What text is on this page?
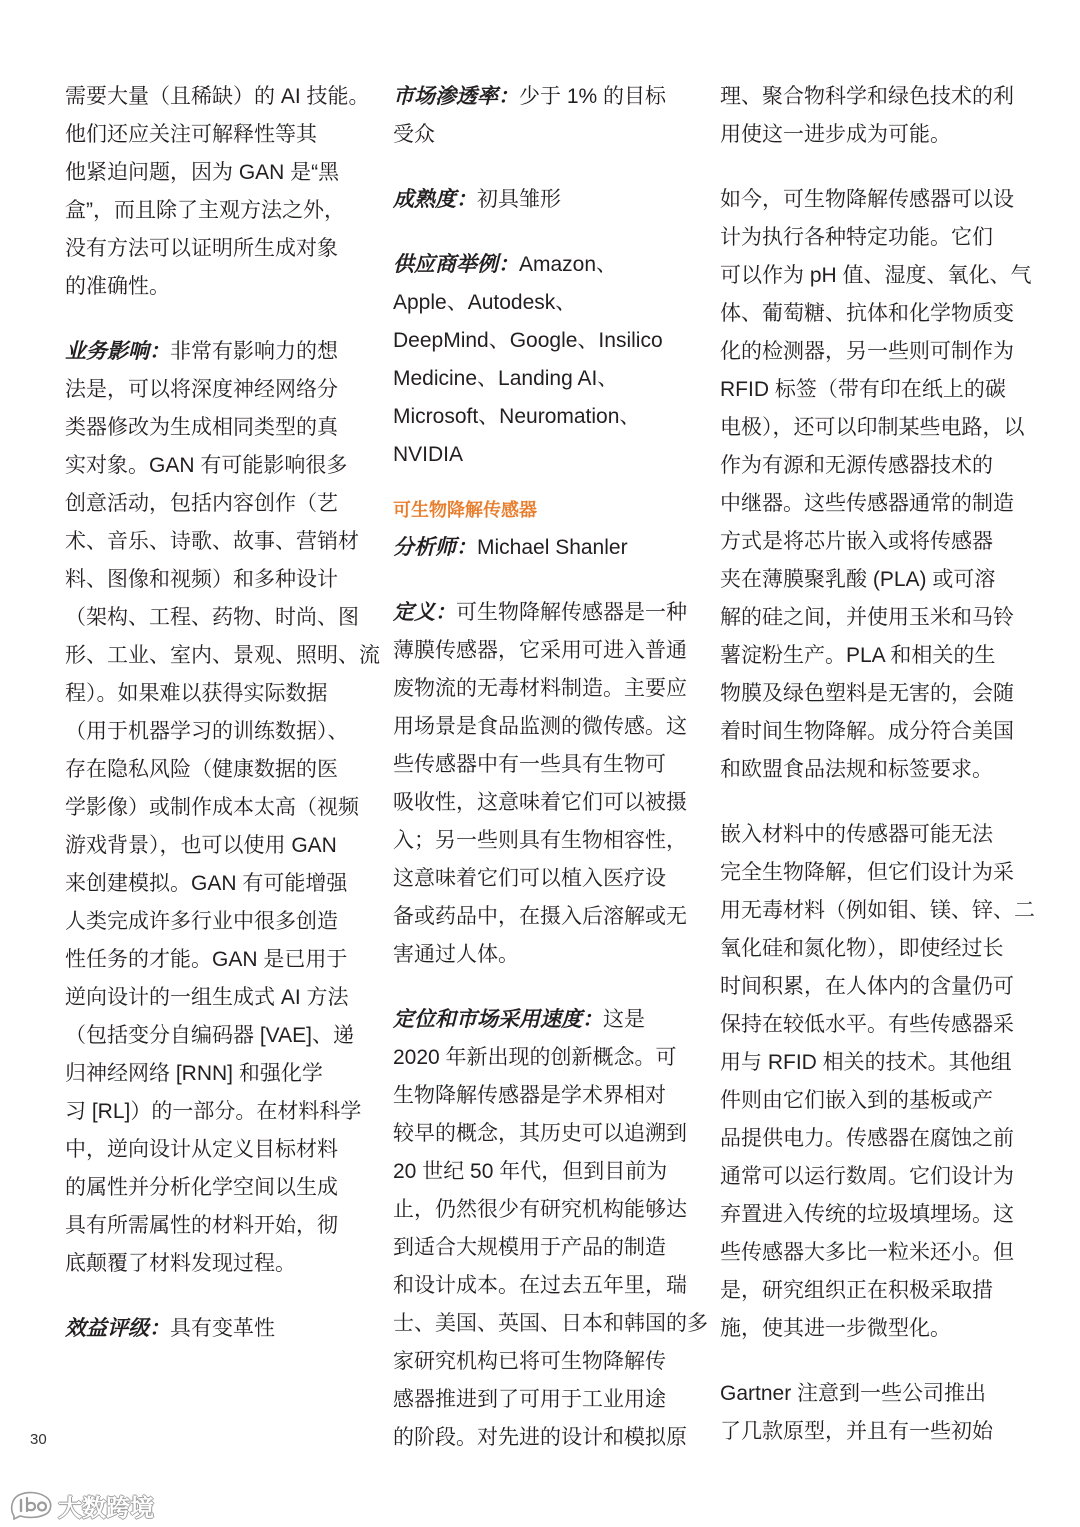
需要大量（且稀缺）的 AI 技能。
他们还应关注可解释性等其
他紧迫问题，因为 GAN 是“黑
盒”，而且除了主观方法之外，
没有方法可以证明所生成对象
的准确性。
业务影响：非常有影响力的想
法是，可以将深度神经网络分
类器修改为生成相同类型的真
实对象。GAN 有可能影响很多
创意活动，包括内容创作（艺
术、音乐、诗歌、故事、营销材
料、图像和视频）和多种设计
（架构、工程、药物、时尚、图
形、工业、室内、景观、照明、流
程）。如果难以获得实际数据
（用于机器学习的训练数据）、
存在隐私风险（健康数据的医
学影像）或制作成本太高（视频
游戏背景），也可以使用 GAN
来创建模拟。GAN 有可能增强
人类完成许多行业中很多创造
性任务的才能。GAN 是已用于
逆向设计的一组生成式 AI 方法
（包括变分自编码器 [VAE]、递
归神经网络 [RNN] 和强化学
习 [RL]）的一部分。在材料科学
中，逆向设计从定义目标材料
的属性并分析化学空间以生成
具有所需属性的材料开始，彻
底颠覆了材料发现过程。
效益评级：具有变革性
市场渗透率：少于 1% 的目标
受众
成熟度：初具雏形
供应商举例：Amazon、
Apple、Autodesk、
DeepMind、Google、Insilico
Medicine、Landing AI、
Microsoft、Neuromation、
NVIDIA
可生物降解传感器
分析师：Michael Shanler
定义：可生物降解传感器是一种
薄膜传感器，它采用可进入普通
废物流的无毒材料制造。主要应
用场景是食品监测的微传感。这
些传感器中有一些具有生物可
吸收性，这意味着它们可以被摄
入；另一些则具有生物相容性，
这意味着它们可以植入医疗设
备或药品中，在摄入后溶解或无
害通过人体。
定位和市场采用速度：这是
2020 年新出现的创新概念。可
生物降解传感器是学术界相对
较早的概念，其历史可以追溯到
20 世纪 50 年代，但到目前为
止，仍然很少有研究机构能够达
到适合大规模用于产品的制造
和设计成本。在过去五年里，瑞
士、美国、英国、日本和韩国的多
家研究机构已将可生物降解传
感器推进到了可用于工业用途
的阶段。对先进的设计和模拟原
理、聚合物科学和绿色技术的利
用使这一进步成为可能。
如今，可生物降解传感器可以设
计为执行各种特定功能。它们
可以作为 pH 值、湿度、氧化、气
体、葡萄糖、抗体和化学物质变
化的检测器，另一些则可制作为
RFID 标签（带有印在纸上的碳
电极），还可以印制某些电路，以
作为有源和无源传感器技术的
中继器。这些传感器通常的制造
方式是将芯片嵌入或将传感器
夹在薄膜聚乳酸 (PLA) 或可溶
解的硅之间，并使用玉米和马铃
薯淀粉生产。PLA 和相关的生
物膜及绿色塑料是无害的，会随
着时间生物降解。成分符合美国
和欧盟食品法规和标签要求。
嵌入材料中的传感器可能无法
完全生物降解，但它们设计为采
用无毒材料（例如钼、镁、锌、二
氧化硅和氮化物），即使经过长
时间积累，在人体内的含量仍可
保持在较低水平。有些传感器采
用与 RFID 相关的技术。其他组
件则由它们嵌入到的基板或产
品提供电力。传感器在腐蚀之前
通常可以运行数周。它们设计为
弃置进入传统的垃圾填埋场。这
些传感器大多比一粒米还小。但
是，研究组织正在积极采取措
施，使其进一步微型化。
Gartner 注意到一些公司推出
了几款原型，并且有一些初始
30
大数跨境
